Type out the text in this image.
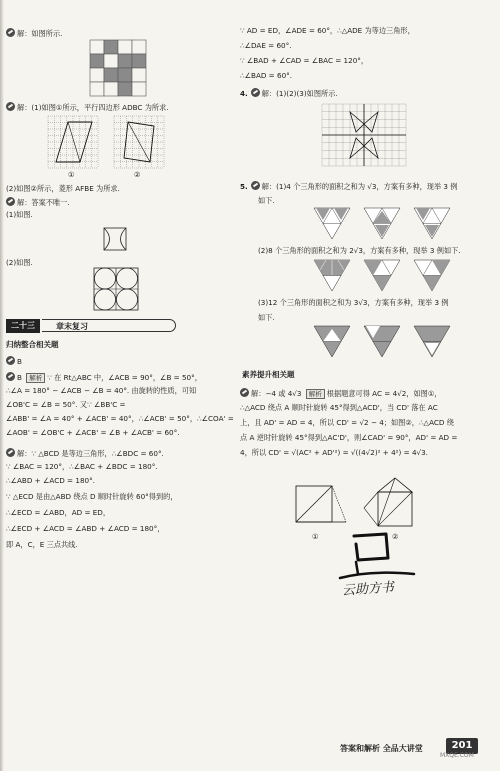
解：如图所示.
解：(1)如图①所示，平行四边形 ADBC 为所求.
①	②
(2)如图②所示，菱形 AFBE 为所求.
解：答案不唯一.
(1)如图.
(2)如图.
二十三	章末复习
归纳整合相关题
B
B 解析 ∵ 在 Rt△ABC 中，∠ACB = 90°，∠B = 50°，
∴∠A = 180° − ∠ACB − ∠B = 40°. 由旋转的性质，可知
∠OB'C = ∠B = 50°. 又∵ ∠BB'C =
∠ABB' = ∠A = 40° + ∠ACB' = 40°，∴∠ACB' = 50°，∴∠COA' =
∠AOB' = ∠OB'C + ∠ACB' = ∠B + ∠ACB' = 60°.
解：∵ △BCD 是等边三角形，∴∠BDC = 60°.
∵ ∠BAC = 120°，∴∠BAC + ∠BDC = 180°.
∴∠ABD + ∠ACD = 180°.
∵ △ECD 是由△ABD 绕点 D 顺时针旋转 60°得到的，
∴∠ECD = ∠ABD，AD = ED，
∴∠ECD + ∠ACD = ∠ABD + ∠ACD = 180°，
即 A，C，E 三点共线.
∵ AD = ED，∠ADE = 60°，∴△ADE 为等边三角形，
∴∠DAE = 60°.
∵ ∠BAD + ∠CAD = ∠BAC = 120°，
∴∠BAD = 60°.
4. 解：(1)(2)(3)如图所示.
5. 解：(1)4 个三角形的面积之和为 √3，方案有多种，现举 3 例
如下.
(2)8 个三角形的面积之和为 2√3，方案有多种，现举 3 例如下.
(3)12 个三角形的面积之和为 3√3，方案有多种，现举 3 例
如下.
素养提升相关题
解：−4 或 4√3 解析 根据题意可得 AC = 4√2，如图①，
∴△ACD 绕点 A 顺时针旋转 45°得到△ACD'，当 CD' 落在 AC
上，且 AD' = AD = 4，所以 CD' = √2 − 4；如图②，∴△ACD 绕
点 A 逆时针旋转 45°得到△AC'D'，则∠CAD' = 90°，AD' = AD =
4，所以 CD' = √(AC² + AD'²) = √((4√2)² + 4²) = 4√3.
①	②
云助方书
答案和解析 全品大讲堂	201
MXQE.COM
